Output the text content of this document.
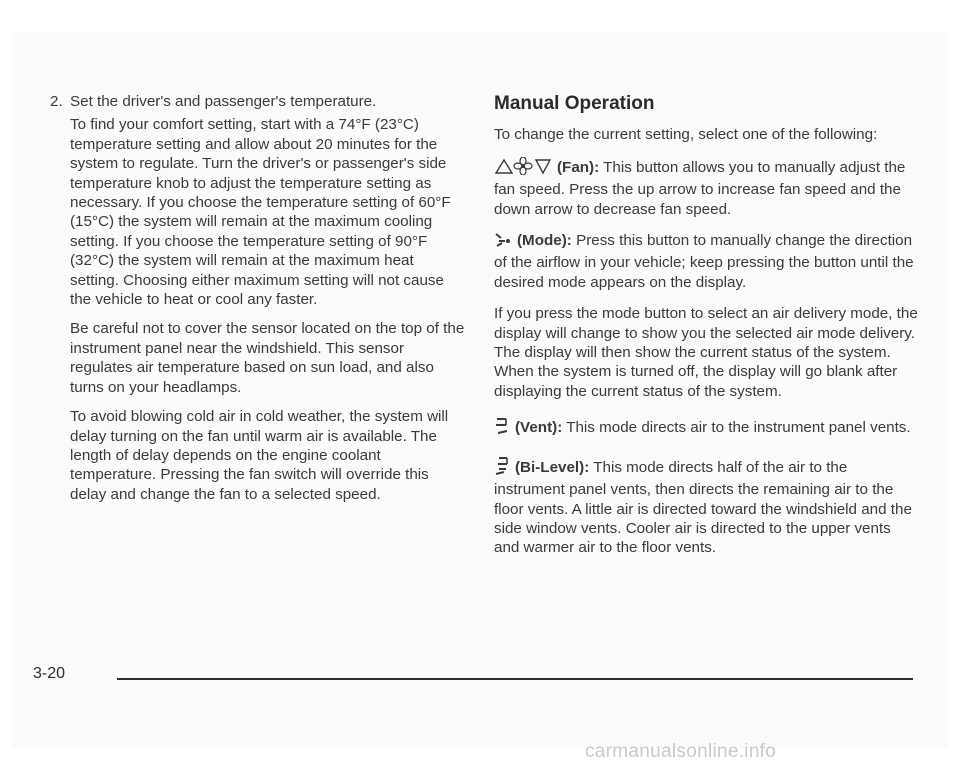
2. Set the driver's and passenger's temperature.

To find your comfort setting, start with a 74°F (23°C) temperature setting and allow about 20 minutes for the system to regulate. Turn the driver's or passenger's side temperature knob to adjust the temperature setting as necessary. If you choose the temperature setting of 60°F (15°C) the system will remain at the maximum cooling setting. If you choose the temperature setting of 90°F (32°C) the system will remain at the maximum heat setting. Choosing either maximum setting will not cause the vehicle to heat or cool any faster.

Be careful not to cover the sensor located on the top of the instrument panel near the windshield. This sensor regulates air temperature based on sun load, and also turns on your headlamps.

To avoid blowing cold air in cold weather, the system will delay turning on the fan until warm air is available. The length of delay depends on the engine coolant temperature. Pressing the fan switch will override this delay and change the fan to a selected speed.

Manual Operation

To change the current setting, select one of the following:

(Fan): This button allows you to manually adjust the fan speed. Press the up arrow to increase fan speed and the down arrow to decrease fan speed.

(Mode): Press this button to manually change the direction of the airflow in your vehicle; keep pressing the button until the desired mode appears on the display.

If you press the mode button to select an air delivery mode, the display will change to show you the selected air mode delivery. The display will then show the current status of the system. When the system is turned off, the display will go blank after displaying the current status of the system.

(Vent): This mode directs air to the instrument panel vents.

(Bi-Level): This mode directs half of the air to the instrument panel vents, then directs the remaining air to the floor vents. A little air is directed toward the windshield and the side window vents. Cooler air is directed to the upper vents and warmer air to the floor vents.

3-20
carmanualsonline.info
